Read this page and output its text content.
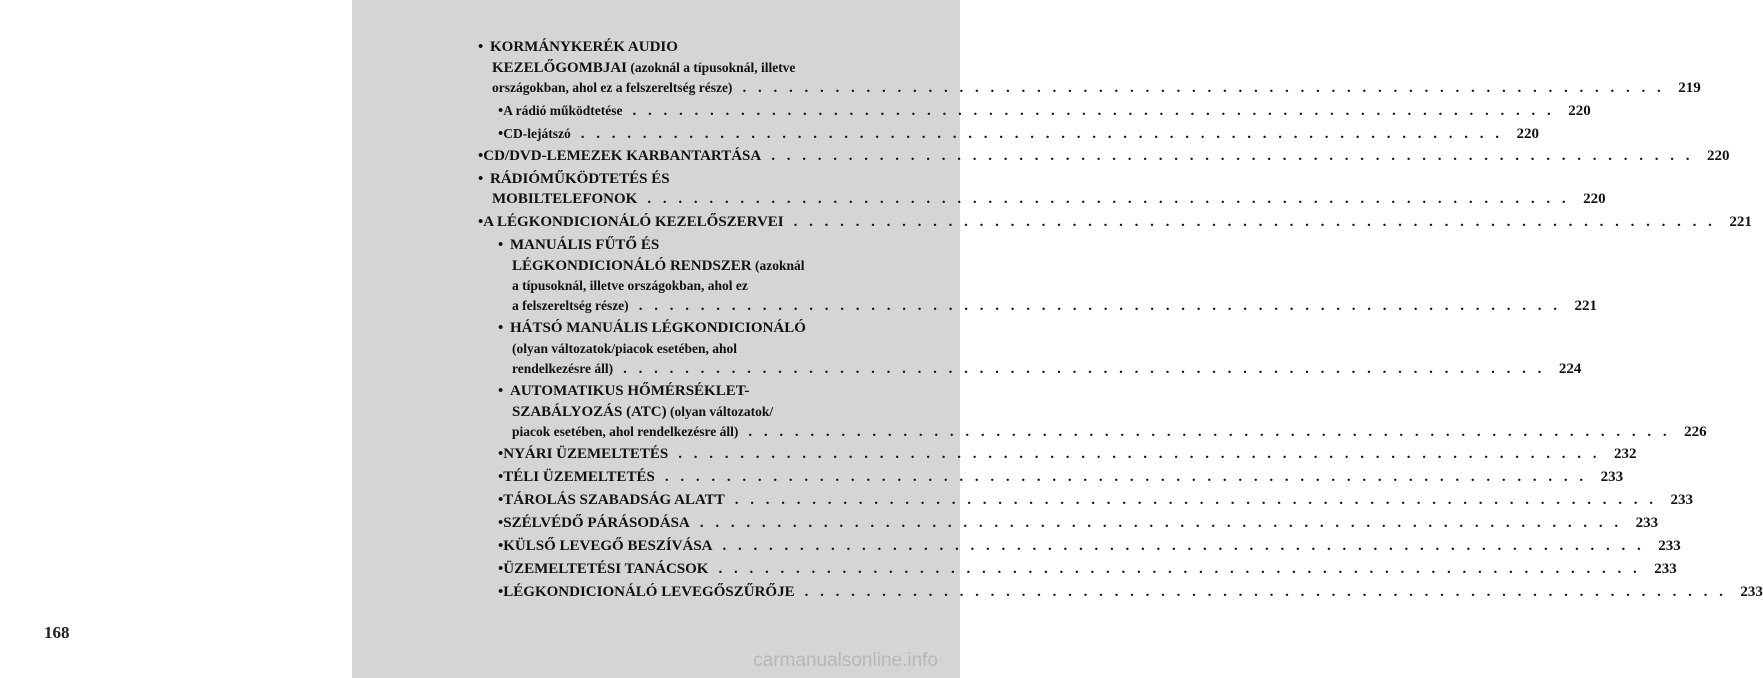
168
• KORMÁNYKERÉK AUDIO
KEZELŐGOMBJAI (azoknál a típusoknál, illetve
országokban, ahol ez a felszereltség része) . . . . . . . . . . . . . . . . . . . . . . . . . . . . . . . . . . . . . . . . . . . . . . . . . . . . . . . . . . . . 219
• A rádió működtetése . . . . . . . . . . . . . . . . . . . . . . . . . . . . . . . . . . . . . . . . . . . . . . . . . . . . . . . . . . . . 220
• CD-lejátszó . . . . . . . . . . . . . . . . . . . . . . . . . . . . . . . . . . . . . . . . . . . . . . . . . . . . . . . . . . . . 220
• CD/DVD-LEMEZEK KARBANTARTÁSA . . . . . . . . . . . . . . . . . . . . . . . . . . . . . . . . . . . . . . . . . . . . . . . . . . . . . . . . . . . . 220
• RÁDIÓMŰKÖDTETÉS ÉS
MOBILTELEFONOK . . . . . . . . . . . . . . . . . . . . . . . . . . . . . . . . . . . . . . . . . . . . . . . . . . . . . . . . . . . . 220
• A LÉGKONDICIONÁLÓ KEZELŐSZERVEI . . . . . . . . . . . . . . . . . . . . . . . . . . . . . . . . . . . . . . . . . . . . . . . . . . . . . . . . . . . . 221
• MANUÁLIS FŰTŐ ÉS
LÉGKONDICIONÁLÓ RENDSZER (azoknál
a típusoknál, illetve országokban, ahol ez
a felszereltség része) . . . . . . . . . . . . . . . . . . . . . . . . . . . . . . . . . . . . . . . . . . . . . . . . . . . . . . . . . . . . 221
• HÁTSÓ MANUÁLIS LÉGKONDICIONÁLÓ
(olyan változatok/piacok esetében, ahol
rendelkezésre áll) . . . . . . . . . . . . . . . . . . . . . . . . . . . . . . . . . . . . . . . . . . . . . . . . . . . . . . . . . . . . 224
• AUTOMATIKUS HŐMÉRSÉKLET-
SZABÁLYOZÁS (ATC) (olyan változatok/
piacok esetében, ahol rendelkezésre áll) . . . . . . . . . . . . . . . . . . . . . . . . . . . . . . . . . . . . . . . . . . . . . . . . . . . . . . . . . . . . 226
• NYÁRI ÜZEMELTETÉS . . . . . . . . . . . . . . . . . . . . . . . . . . . . . . . . . . . . . . . . . . . . . . . . . . . . . . . . . . . . 232
• TÉLI ÜZEMELTETÉS . . . . . . . . . . . . . . . . . . . . . . . . . . . . . . . . . . . . . . . . . . . . . . . . . . . . . . . . . . . . 233
• TÁROLÁS SZABADSÁG ALATT . . . . . . . . . . . . . . . . . . . . . . . . . . . . . . . . . . . . . . . . . . . . . . . . . . . . . . . . . . . . 233
• SZÉLVÉDŐ PÁRÁSODÁSA . . . . . . . . . . . . . . . . . . . . . . . . . . . . . . . . . . . . . . . . . . . . . . . . . . . . . . . . . . . . 233
• KÜLSŐ LEVEGŐ BESZÍVÁSA . . . . . . . . . . . . . . . . . . . . . . . . . . . . . . . . . . . . . . . . . . . . . . . . . . . . . . . . . . . . 233
• ÜZEMELTETÉSI TANÁCSOK . . . . . . . . . . . . . . . . . . . . . . . . . . . . . . . . . . . . . . . . . . . . . . . . . . . . . . . . . . . . 233
• LÉGKONDICIONÁLÓ LEVEGŐSZŰRŐJE . . . . . . . . . . . . . . . . . . . . . . . . . . . . . . . . . . . . . . . . . . . . . . . . . . . . . . . . . . . . 233
carmanualsonline.info
